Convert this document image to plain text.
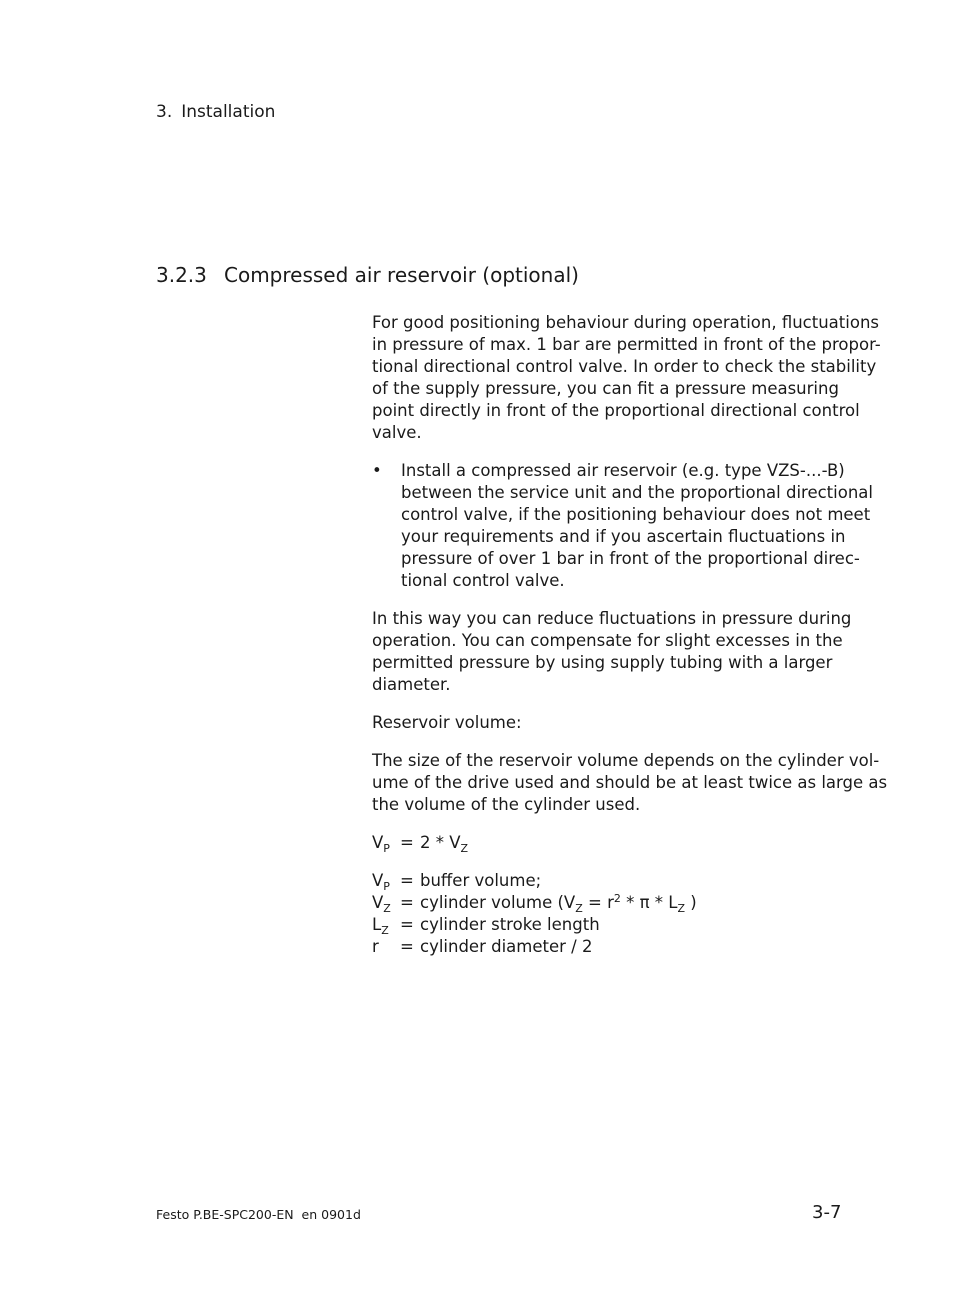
3. Installation
3.2.3 Compressed air reservoir (optional)
For good positioning behaviour during operation, fluctuations
in pressure of max. 1 bar are permitted in front of the propor-
tional directional control valve. In order to check the stability
of the supply pressure, you can fit a pressure measuring
point directly in front of the proportional directional control
valve.
• Install a compressed air reservoir (e.g. type VZS-...-B)
between the service unit and the proportional directional
control valve, if the positioning behaviour does not meet
your requirements and if you ascertain fluctuations in
pressure of over 1 bar in front of the proportional direc-
tional control valve.
In this way you can reduce fluctuations in pressure during
operation. You can compensate for slight excesses in the
permitted pressure by using supply tubing with a larger
diameter.
Reservoir volume:
The size of the reservoir volume depends on the cylinder vol-
ume of the drive used and should be at least twice as large as
the volume of the cylinder used.
$V_P = 2 * V_Z$
$V_P$ = buffer volume;
$V_Z$ = cylinder volume ($V_Z = r^2 * \pi * L_Z$ )
$L_Z$ = cylinder stroke length
r	= cylinder diameter / 2
Festo P.BE-SPC200-EN  en 0901d	3-7
